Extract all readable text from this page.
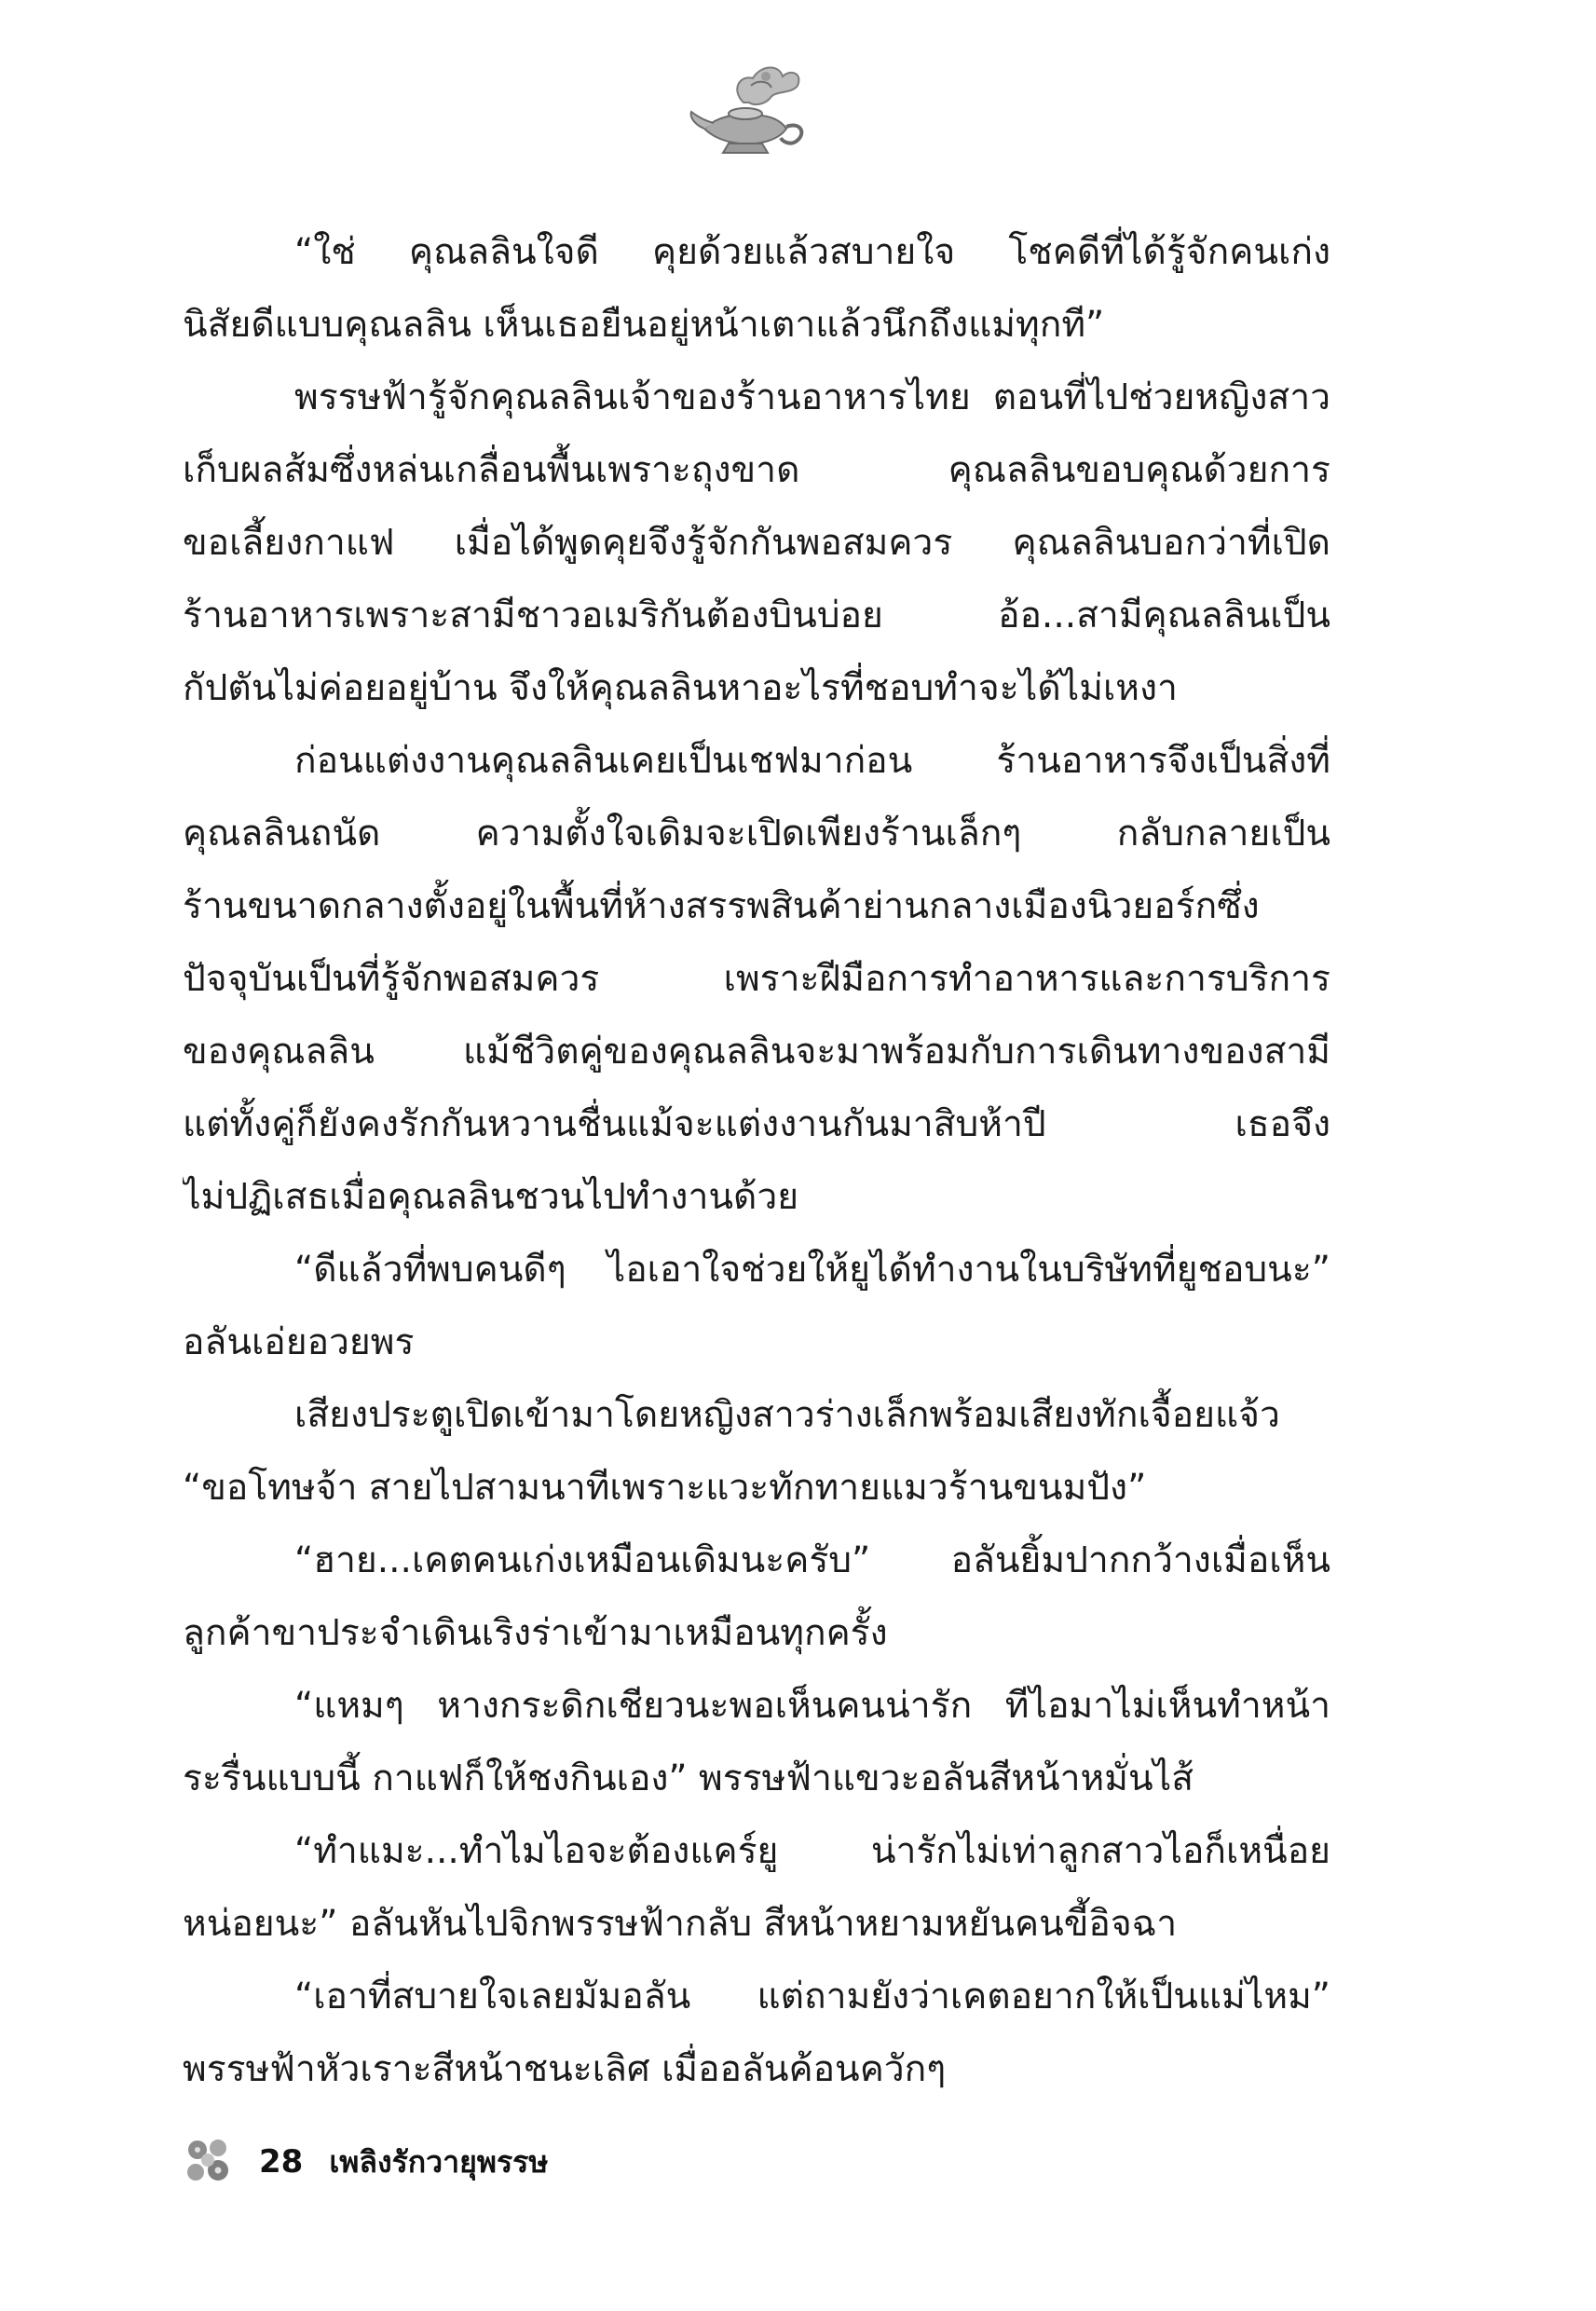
“ใช่ คุณลลินใจดี คุยด้วยแล้วสบายใจ โชคดีที่ได้รู้จักคนเก่ง
นิสัยดีแบบคุณลลิน เห็นเธอยืนอยู่หน้าเตาแล้วนึกถึงแม่ทุกที”
พรรษฟ้ารู้จักคุณลลินเจ้าของร้านอาหารไทย ตอนที่ไปช่วยหญิงสาว
เก็บผลส้มซึ่งหล่นเกลื่อนพื้นเพราะถุงขาด คุณลลินขอบคุณด้วยการ
ขอเลี้ยงกาแฟ เมื่อได้พูดคุยจึงรู้จักกันพอสมควร คุณลลินบอกว่าที่เปิด
ร้านอาหารเพราะสามีชาวอเมริกันต้องบินบ่อย อ้อ...สามีคุณลลินเป็น
กัปตันไม่ค่อยอยู่บ้าน จึงให้คุณลลินหาอะไรที่ชอบทำจะได้ไม่เหงา
ก่อนแต่งงานคุณลลินเคยเป็นเชฟมาก่อน ร้านอาหารจึงเป็นสิ่งที่
คุณลลินถนัด ความตั้งใจเดิมจะเปิดเพียงร้านเล็กๆ กลับกลายเป็น
ร้านขนาดกลางตั้งอยู่ในพื้นที่ห้างสรรพสินค้าย่านกลางเมืองนิวยอร์กซึ่ง
ปัจจุบันเป็นที่รู้จักพอสมควร เพราะฝีมือการทำอาหารและการบริการ
ของคุณลลิน แม้ชีวิตคู่ของคุณลลินจะมาพร้อมกับการเดินทางของสามี
แต่ทั้งคู่ก็ยังคงรักกันหวานชื่นแม้จะแต่งงานกันมาสิบห้าปี เธอจึง
ไม่ปฏิเสธเมื่อคุณลลินชวนไปทำงานด้วย
“ดีแล้วที่พบคนดีๆ ไอเอาใจช่วยให้ยูได้ทำงานในบริษัทที่ยูชอบนะ”
อลันเอ่ยอวยพร
เสียงประตูเปิดเข้ามาโดยหญิงสาวร่างเล็กพร้อมเสียงทักเจื้อยแจ้ว
“ขอโทษจ้า สายไปสามนาทีเพราะแวะทักทายแมวร้านขนมปัง”
“ฮาย...เคตคนเก่งเหมือนเดิมนะครับ” อลันยิ้มปากกว้างเมื่อเห็น
ลูกค้าขาประจำเดินเริงร่าเข้ามาเหมือนทุกครั้ง
“แหมๆ หางกระดิกเชียวนะพอเห็นคนน่ารัก ทีไอมาไม่เห็นทำหน้า
ระรื่นแบบนี้ กาแฟก็ให้ชงกินเอง” พรรษฟ้าแขวะอลันสีหน้าหมั่นไส้
“ทำแมะ...ทำไมไอจะต้องแคร์ยู น่ารักไม่เท่าลูกสาวไอก็เหนื่อย
หน่อยนะ” อลันหันไปจิกพรรษฟ้ากลับ สีหน้าหยามหยันคนขี้อิจฉา
“เอาที่สบายใจเลยมัมอลัน แต่ถามยังว่าเคตอยากให้เป็นแม่ไหม”
พรรษฟ้าหัวเราะสีหน้าชนะเลิศ เมื่ออลันค้อนควักๆ
28 เพลิงรักวายุพรรษ
